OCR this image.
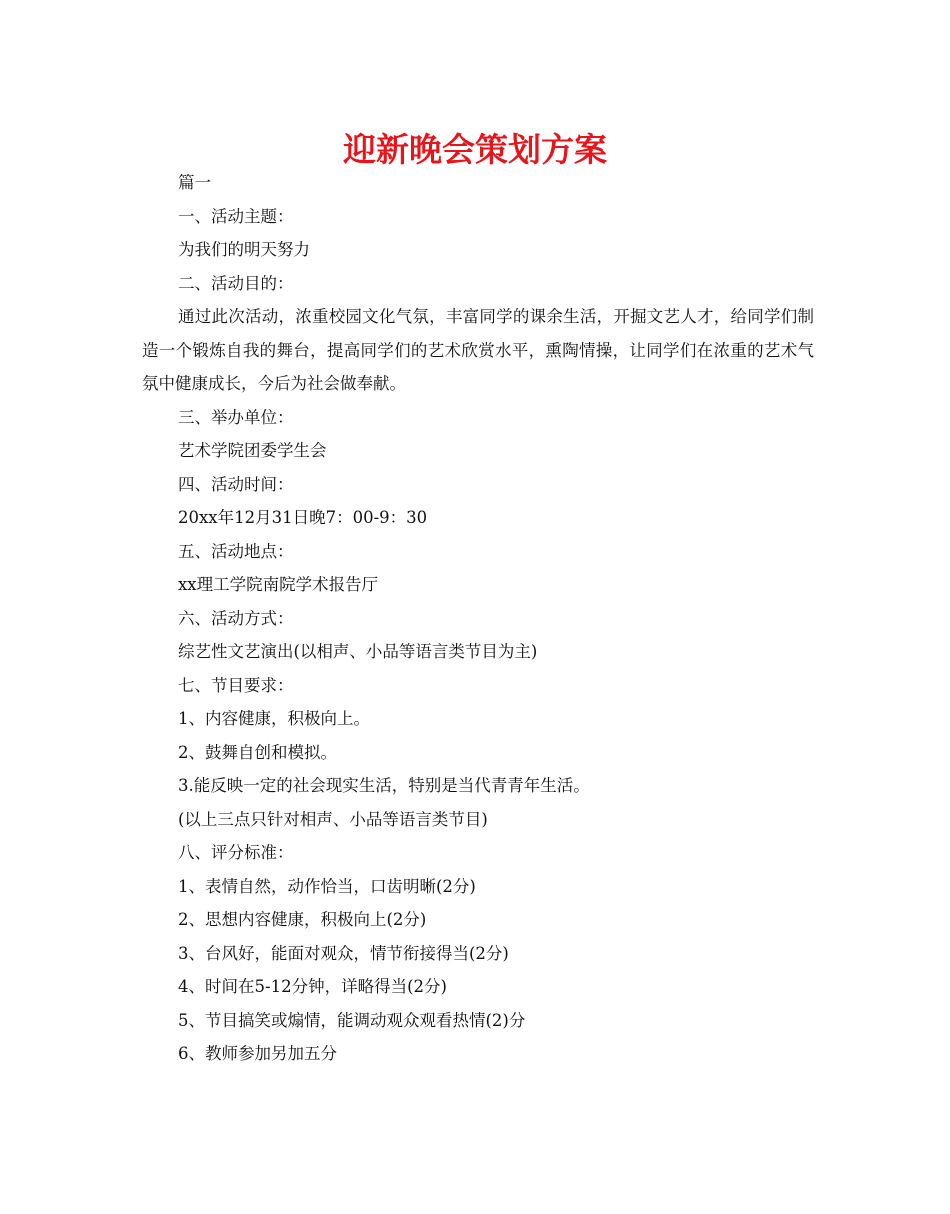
迎新晚会策划方案

篇一

一、活动主题：

为我们的明天努力

二、活动目的：

通过此次活动，浓重校园文化气氛，丰富同学的课余生活，开掘文艺人才，给同学们制造一个锻炼自我的舞台，提高同学们的艺术欣赏水平，熏陶情操，让同学们在浓重的艺术气氛中健康成长，今后为社会做奉献。

三、举办单位：

艺术学院团委学生会

四、活动时间：

20xx年12月31日晚7：00-9：30

五、活动地点：

xx理工学院南院学术报告厅

六、活动方式：

综艺性文艺演出(以相声、小品等语言类节目为主)

七、节目要求：

1、内容健康，积极向上。

2、鼓舞自创和模拟。

3.能反映一定的社会现实生活，特别是当代青青年生活。

(以上三点只针对相声、小品等语言类节目)

八、评分标准：

1、表情自然，动作恰当，口齿明晰(2分)

2、思想内容健康，积极向上(2分)

3、台风好，能面对观众，情节衔接得当(2分)

4、时间在5-12分钟，详略得当(2分)

5、节目搞笑或煽情，能调动观众观看热情(2)分

6、教师参加另加五分
